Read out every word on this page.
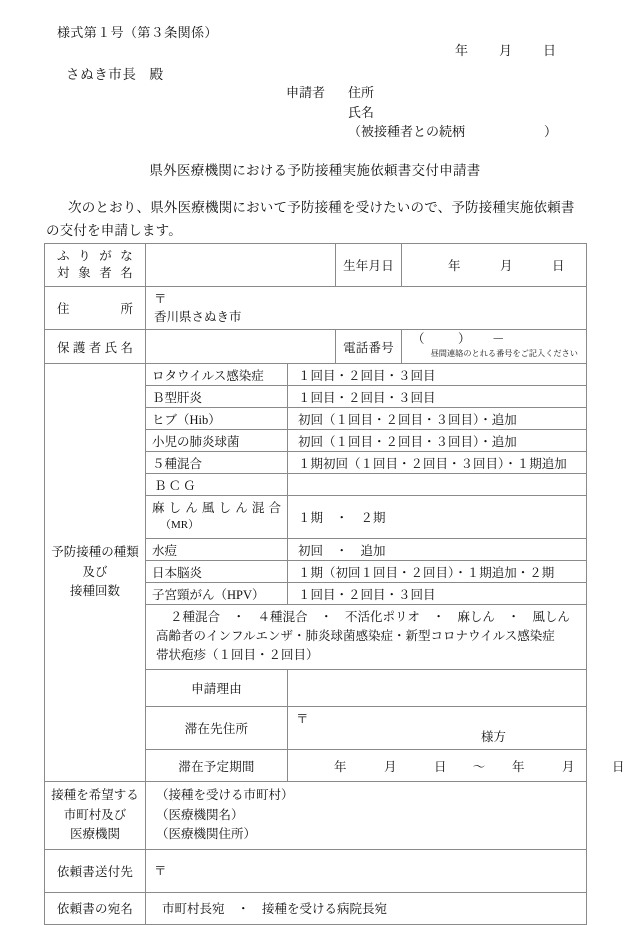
様式第１号（第３条関係）
年 月 日
さぬき市長 殿
申請者 住所
氏名
（被接種者との続柄	）
県外医療機関における予防接種実施依頼書交付申請書
次のとおり、県外医療機関において予防接種を受けたいので、予防接種実施依頼書
の交付を申請します。
ふりがな
対象者名			生年月日	年 月 日
住所	〒
香川県さぬき市			

保護者氏名			電話番号	（ ） －
昼間連絡のとれる番号をご記入ください

予防接種の種類
及び
接種回数	ロタウイルス感染症	１回目・２回目・３回目		
	Ｂ型肝炎	１回目・２回目・３回目		
	ヒブ（Hib）	初回（１回目・２回目・３回目）・追加		
	小児の肺炎球菌	初回（１回目・２回目・３回目）・追加		
	５種混合	１期初回（１回目・２回目・３回目）・１期追加		
	ＢＣＧ			

	麻しん風しん混合
（MR）	１期　・　２期		
	水痘	初回　・　追加		
	日本脳炎	１期（初回１回目・２回目）・１期追加・２期		
	子宮頸がん（HPV）	１回目・２回目・３回目		

	２種混合　・　４種混合　・　不活化ポリオ　・　麻しん　・　風しん
高齢者のインフルエンザ・肺炎球菌感染症・新型コロナウイルス感染症
帯状疱疹（１回目・２回目）			

	申請理由			
	滞在先住所	〒
様方		

	滞在予定期間	年 月 日 ～ 年 月 日		

接種を希望する
市町村及び
医療機関

（接種を受ける市町村）
（医療機関名）
（医療機関住所）

依頼書送付先	〒			

依頼書の宛名	市町村長宛　・　接種を受ける病院長宛			
